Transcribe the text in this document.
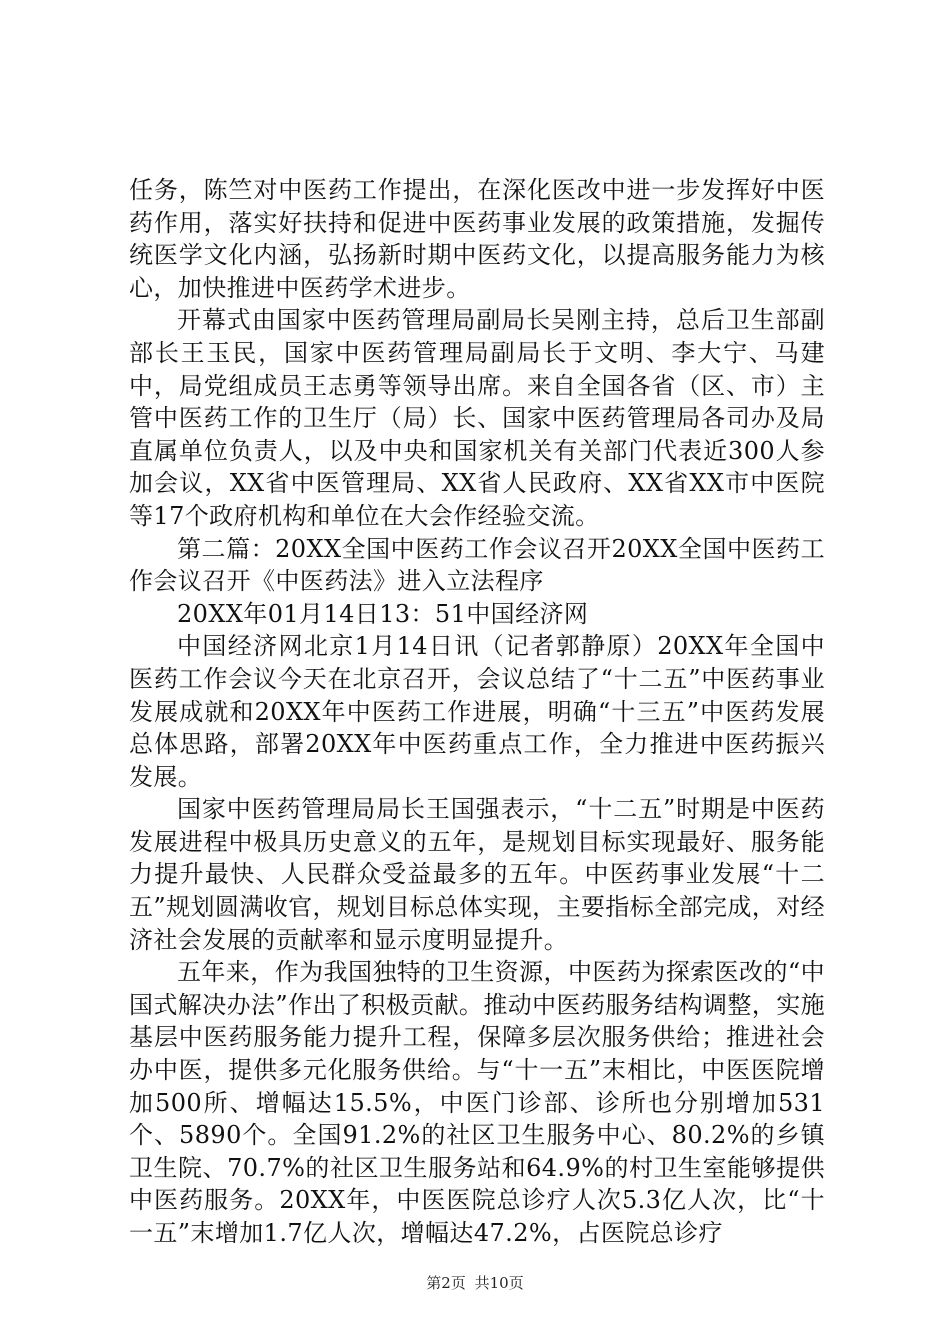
任务，陈竺对中医药工作提出，在深化医改中进一步发挥好中医药作用，落实好扶持和促进中医药事业发展的政策措施，发掘传统医学文化内涵，弘扬新时期中医药文化，以提高服务能力为核心，加快推进中医药学术进步。

开幕式由国家中医药管理局副局长吴刚主持，总后卫生部副部长王玉民，国家中医药管理局副局长于文明、李大宁、马建中，局党组成员王志勇等领导出席。来自全国各省（区、市）主管中医药工作的卫生厅（局）长、国家中医药管理局各司办及局直属单位负责人，以及中央和国家机关有关部门代表近300人参加会议，XX省中医管理局、XX省人民政府、XX省XX市中医院等17个政府机构和单位在大会作经验交流。

第二篇：20XX全国中医药工作会议召开20XX全国中医药工作会议召开《中医药法》进入立法程序

20XX年01月14日13：51中国经济网

中国经济网北京1月14日讯（记者郭静原）20XX年全国中医药工作会议今天在北京召开，会议总结了“十二五”中医药事业发展成就和20XX年中医药工作进展，明确“十三五”中医药发展总体思路，部署20XX年中医药重点工作，全力推进中医药振兴发展。

国家中医药管理局局长王国强表示，“十二五”时期是中医药发展进程中极具历史意义的五年，是规划目标实现最好、服务能力提升最快、人民群众受益最多的五年。中医药事业发展“十二五”规划圆满收官，规划目标总体实现，主要指标全部完成，对经济社会发展的贡献率和显示度明显提升。

五年来，作为我国独特的卫生资源，中医药为探索医改的“中国式解决办法”作出了积极贡献。推动中医药服务结构调整，实施基层中医药服务能力提升工程，保障多层次服务供给；推进社会办中医，提供多元化服务供给。与“十一五”末相比，中医医院增加500所、增幅达15.5%，中医门诊部、诊所也分别增加531个、5890个。全国91.2%的社区卫生服务中心、80.2%的乡镇卫生院、70.7%的社区卫生服务站和64.9%的村卫生室能够提供中医药服务。20XX年，中医医院总诊疗人次5.3亿人次，比“十一五”末增加1.7亿人次，增幅达47.2%，占医院总诊疗

第2页 共10页
